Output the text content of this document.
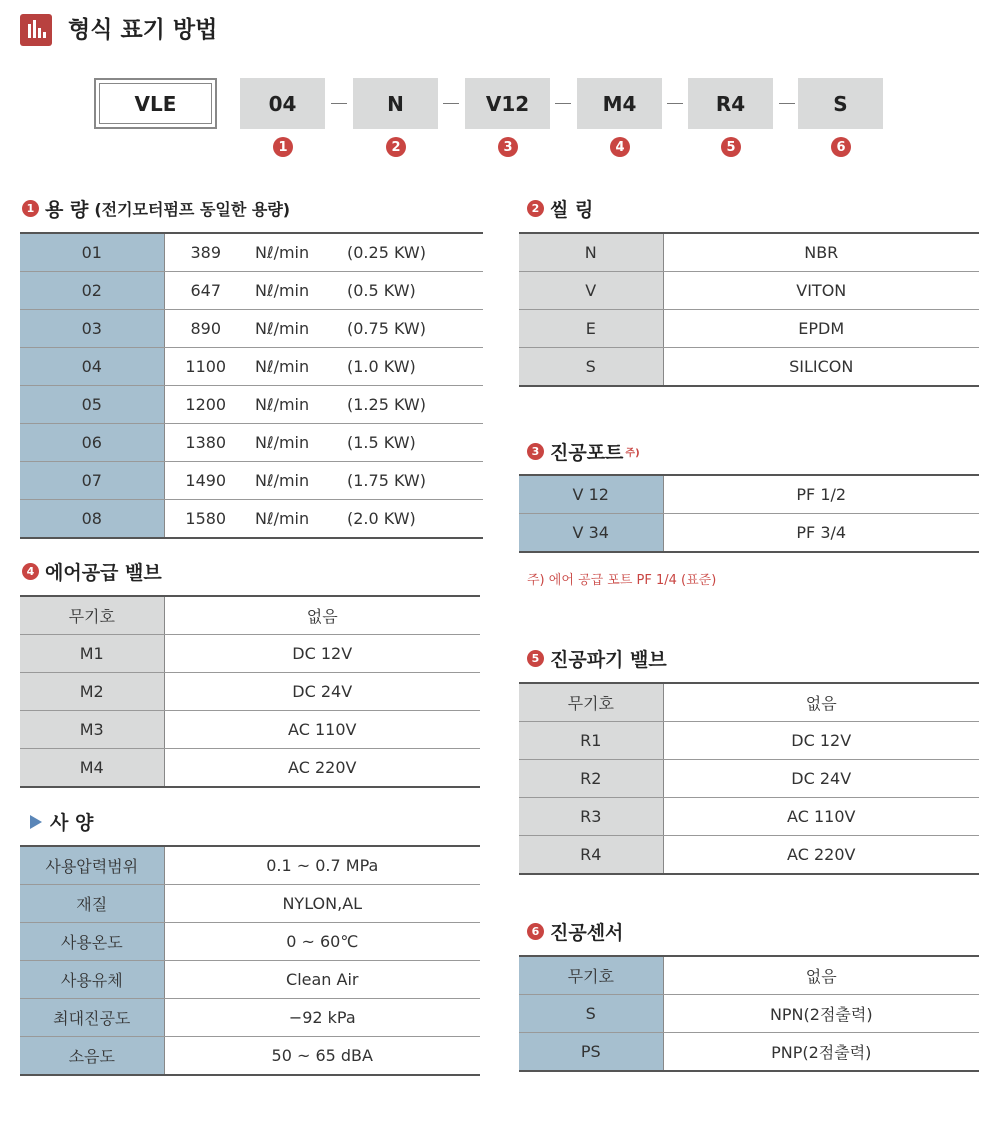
형식 표기 방법
VLE	04	N	V12	M4	R4	S
1	2	3	4	5	6
1 용 량 (전기모터펌프 동일한 용량)
01	389	Nℓ/min	(0.25 KW)
02	647	Nℓ/min	(0.5 KW)
03	890	Nℓ/min	(0.75 KW)
04	1100	Nℓ/min	(1.0 KW)
05	1200	Nℓ/min	(1.25 KW)
06	1380	Nℓ/min	(1.5 KW)
07	1490	Nℓ/min	(1.75 KW)
08	1580	Nℓ/min	(2.0 KW)
2 씰 링
N	NBR
V	VITON
E	EPDM
S	SILICON
3 진공포트 주)
V 12	PF 1/2
V 34	PF 3/4
주) 에어 공급 포트 PF 1/4 (표준)
4 에어공급 밸브
무기호	없음
M1	DC 12V
M2	DC 24V
M3	AC 110V
M4	AC 220V
5 진공파기 밸브
무기호	없음
R1	DC 12V
R2	DC 24V
R3	AC 110V
R4	AC 220V
사 양
사용압력범위	0.1 ~ 0.7 MPa
재질	NYLON,AL
사용온도	0 ~ 60℃
사용유체	Clean Air
최대진공도	−92 kPa
소음도	50 ~ 65 dBA
6 진공센서
무기호	없음
S	NPN(2점출력)
PS	PNP(2점출력)
